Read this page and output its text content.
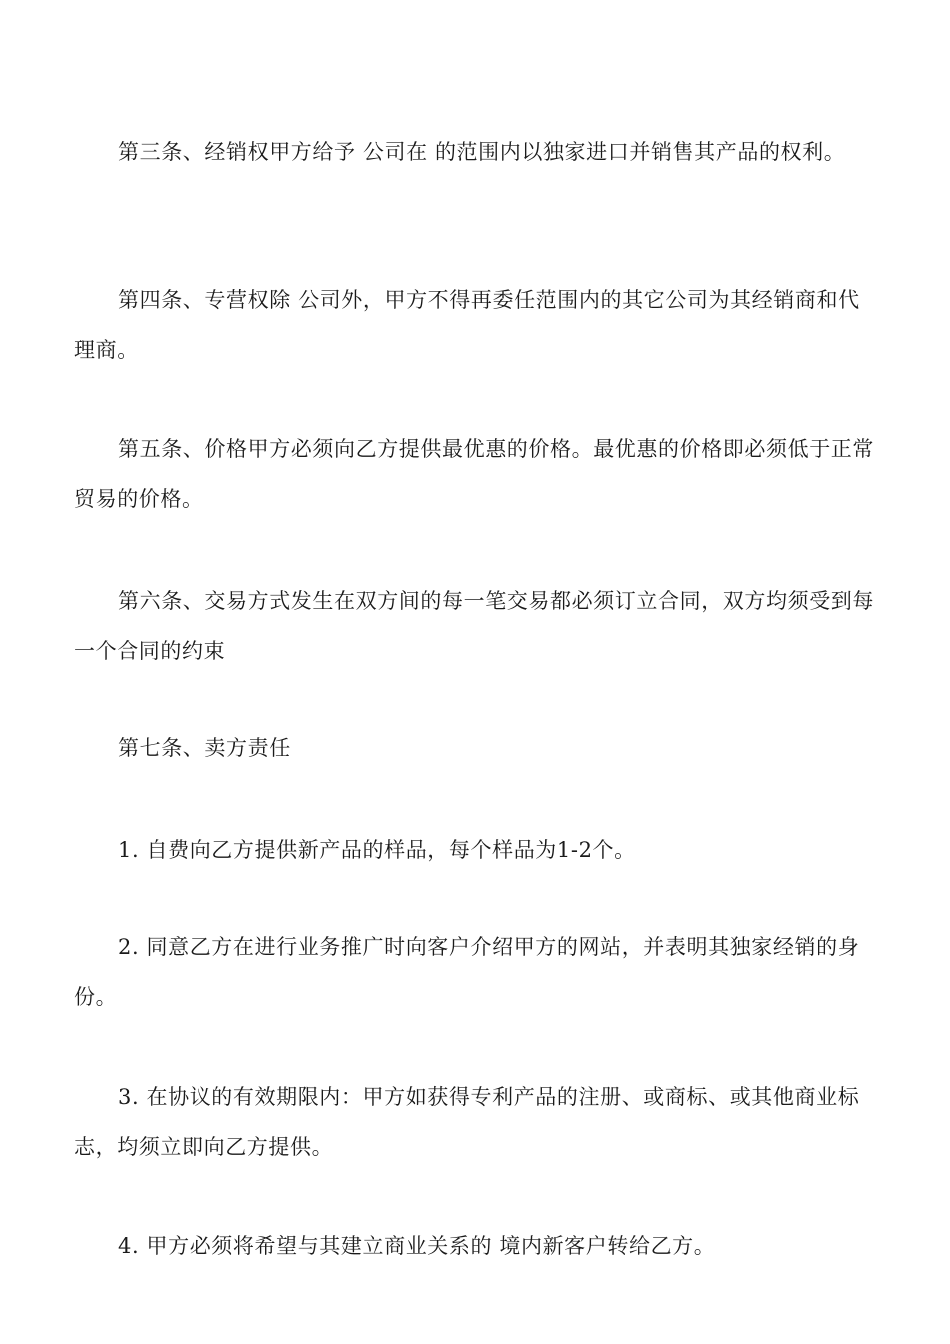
第三条、经销权甲方给予 公司在 的范围内以独家进口并销售其产品的权利。

第四条、专营权除 公司外，甲方不得再委任范围内的其它公司为其经销商和代理商。

第五条、价格甲方必须向乙方提供最优惠的价格。最优惠的价格即必须低于正常贸易的价格。

第六条、交易方式发生在双方间的每一笔交易都必须订立合同，双方均须受到每一个合同的约束

第七条、卖方责任

1. 自费向乙方提供新产品的样品，每个样品为1-2个。

2. 同意乙方在进行业务推广时向客户介绍甲方的网站，并表明其独家经销的身份。

3. 在协议的有效期限内：甲方如获得专利产品的注册、或商标、或其他商业标志，均须立即向乙方提供。

4. 甲方必须将希望与其建立商业关系的 境内新客户转给乙方。
